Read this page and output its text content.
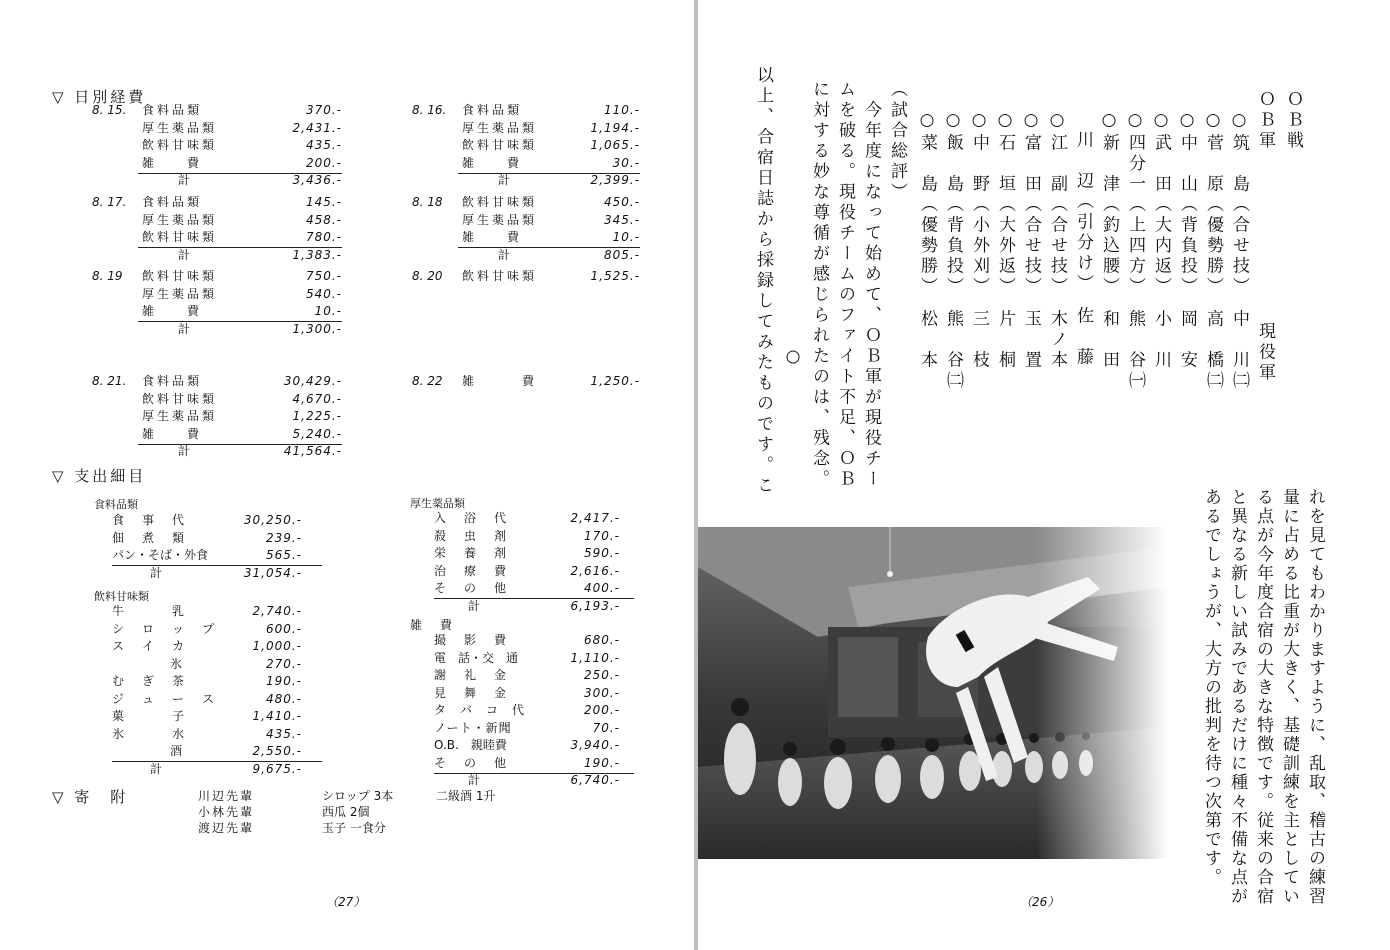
▽ 日別経費
8. 15. 食料品類	370.-
厚生薬品類	2,431.-
飲料甘味類	435.-
雑　　費	200.-
計	3,436.-
8. 16. 食料品類	110.-
厚生薬品類	1,194.-
飲料甘味類	1,065.-
雑　　費	30.-
計	2,399.-
8. 17. 食料品類	145.-
厚生薬品類	458.-
飲料甘味類	780.-
計	1,383.-
8. 18 飲料甘味類	450.-
厚生薬品類	345.-
雑　　費	10.-
計	805.-
8. 19 飲料甘味類	750.-
厚生薬品類	540.-
雑　　費	10.-
計	1,300.-
8. 20 飲料甘味類	1,525.-
8. 21. 食料品類	30,429.-
飲料甘味類	4,670.-
厚生薬品類	1,225.-
雑　　費	5,240.-
計	41,564.-
8. 22 雑　　　費	1,250.-
▽ 支出細目
食料品類
食　事　代	30,250.-
佃　煮　類	239.-
パン・そば・外食	565.-
計	31,054.-
飲料甘味類
牛　　　乳	2,740.-
シ　ロ　ッ　プ	600.-
ス　イ　カ	1,000.-
氷	270.-
む　ぎ　茶	190.-
ジ　ュ　ー　ス	480.-
菓　　　子	1,410.-
氷　　　水	435.-
酒	2,550.-
計	9,675.-
厚生薬品類
入　浴　代	2,417.-
殺　虫　剤	170.-
栄　養　剤	590.-
治　療　費	2,616.-
そ　の　他	400.-
計	6,193.-
雑　費
撮　影　費	680.-
電　話・交　通	1,110.-
謝　礼　金	250.-
見　舞　金	300.-
タ　バ　コ　代	200.-
ノート・新聞	70.-
O.B.　親睦費	3,940.-
そ　の　他	190.-
計	6,740.-
▽ 寄　附	川辺先輩	シロップ 3本	二級酒 1升
小林先輩	西瓜 2個
渡辺先輩	玉子 一食分
（27）
ＯＢ戦
ＯＢ軍
現役軍
○筑　島（合せ技）　中　川㈡
○菅　原（優勢勝）　高　橋㈡
○中　山（背負投）　岡　安
○武　田（大内返）　小　川
○四分一（上四方）　熊　谷㈠
○新　津（釣込腰）　和　田
　川　辺（引分け）　佐　藤
○江　副（合せ技）　木ノ本
○富　田（合せ技）　玉　置
○石　垣（大外返）　片　桐
○中　野（小外刈）　三　枝
○飯　島（背負投）　熊　谷㈡
○菜　島（優勢勝）　松　本
（試合総評）
　今年度になって始めて、ＯＢ軍が現役チー
ムを破る。現役チームのファイト不足、ＯＢ
に対する妙な尊循が感じられたのは、残念。
　　　　　　　　　　　　　○
以上、合宿日誌から採録してみたものです。こ
れを見てもわかりますように、乱取、稽古の練習
量に占める比重が大きく、基礎訓練を主としてい
る点が今年度合宿の大きな特徴です。従来の合宿
と異なる新しい試みであるだけに種々不備な点が
あるでしょうが、大方の批判を待つ次第です。
（26）
